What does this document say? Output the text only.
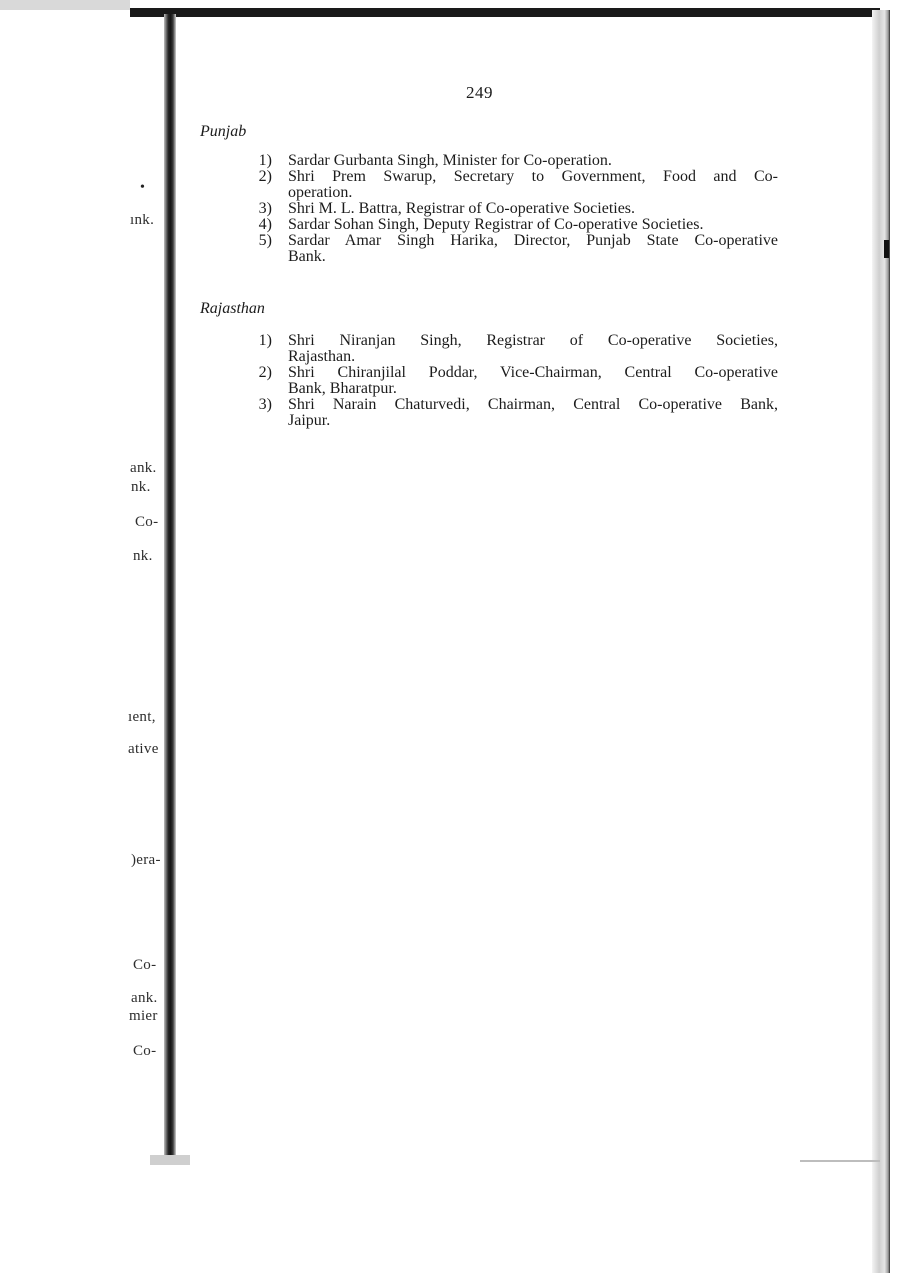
•
ınk.
ank.
nk.
Co-
nk.
ıent,
ative
)era-
Co-
ank.
mier
Co-
249
Punjab
1) Sardar Gurbanta Singh, Minister for Co-operation.
2) Shri Prem Swarup, Secretary to Government, Food and Co-
operation.
3) Shri M. L. Battra, Registrar of Co-operative Societies.
4) Sardar Sohan Singh, Deputy Registrar of Co-operative Societies.
5) Sardar Amar Singh Harika, Director, Punjab State Co-operative
Bank.
Rajasthan
1) Shri Niranjan Singh, Registrar of Co-operative Societies,
Rajasthan.
2) Shri Chiranjilal Poddar, Vice-Chairman, Central Co-operative
Bank, Bharatpur.
3) Shri Narain Chaturvedi, Chairman, Central Co-operative Bank,
Jaipur.
